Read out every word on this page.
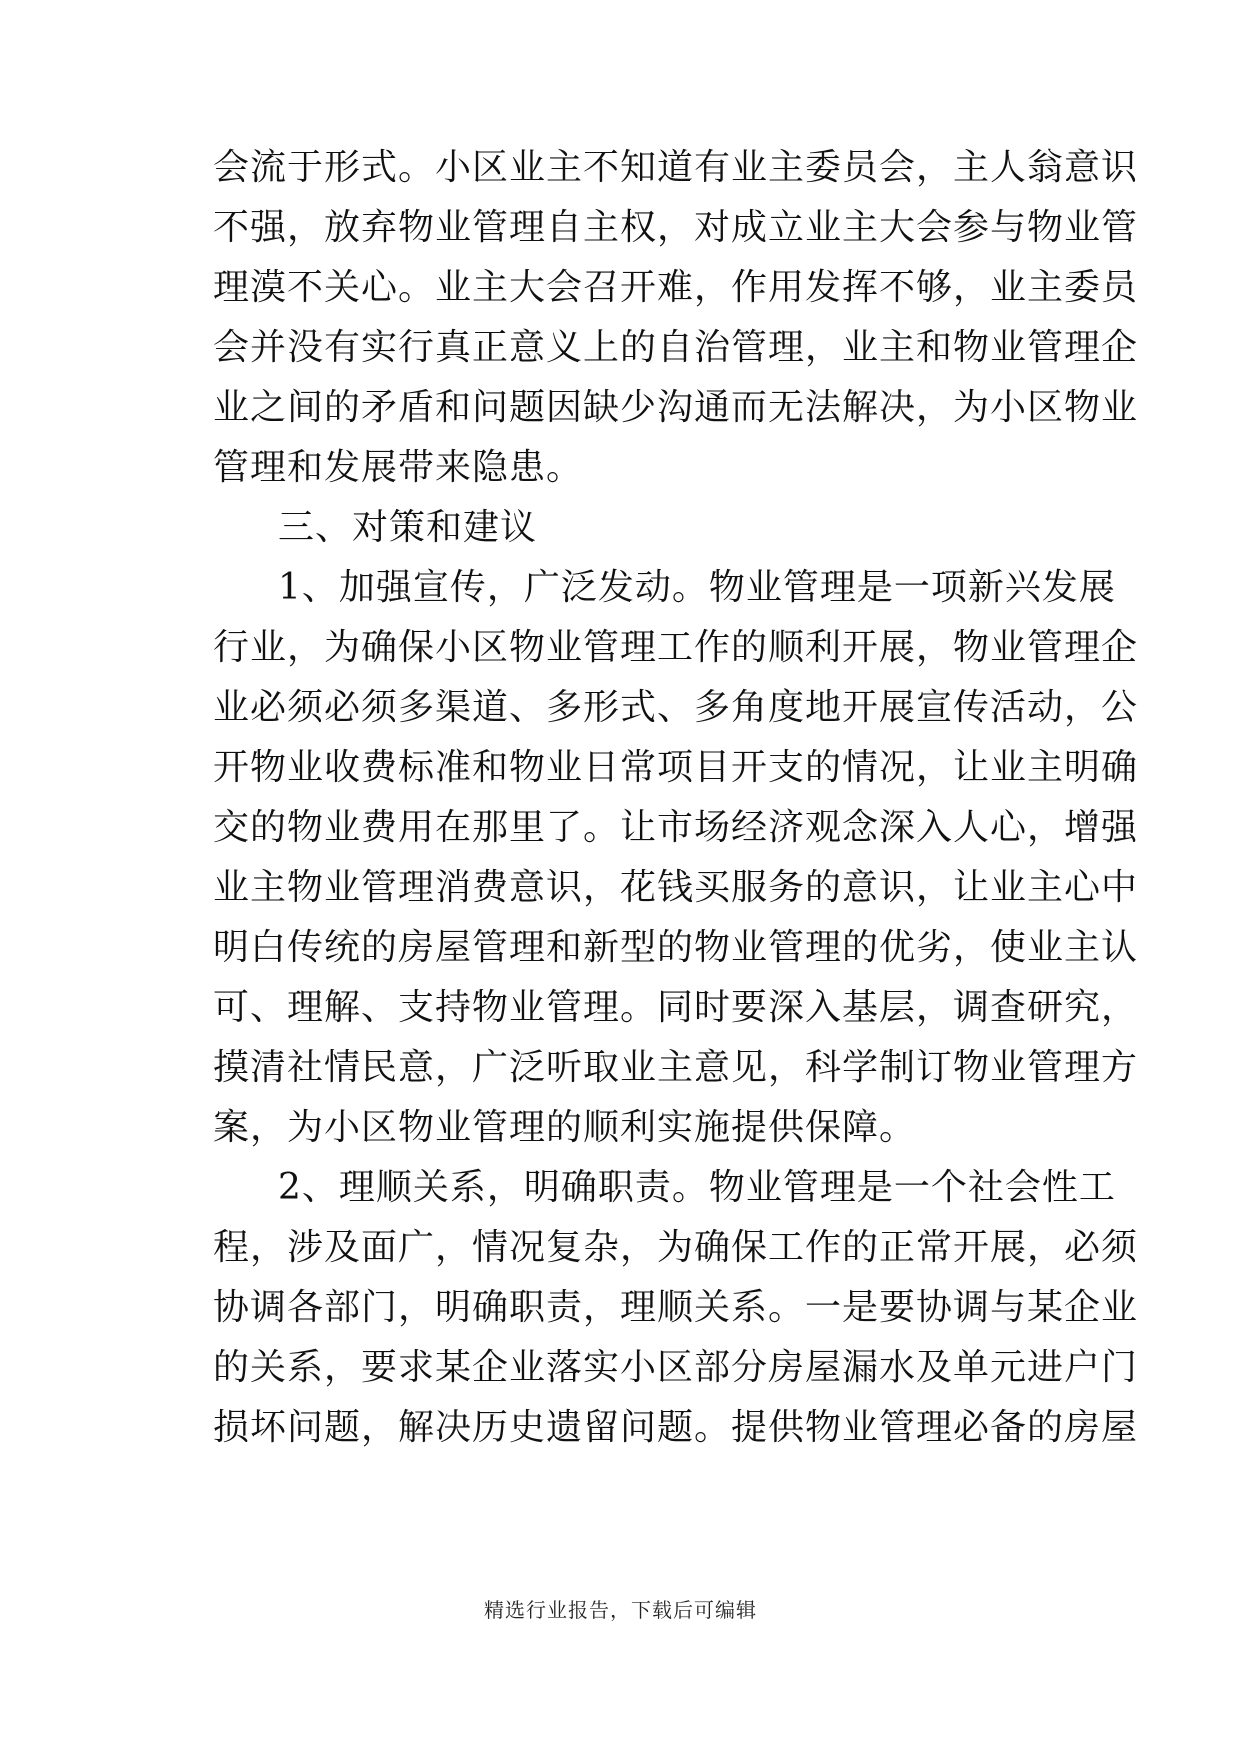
会流于形式。小区业主不知道有业主委员会，主人翁意识
不强，放弃物业管理自主权，对成立业主大会参与物业管
理漠不关心。业主大会召开难，作用发挥不够，业主委员
会并没有实行真正意义上的自治管理，业主和物业管理企
业之间的矛盾和问题因缺少沟通而无法解决，为小区物业
管理和发展带来隐患。
三、对策和建议
1、加强宣传，广泛发动。物业管理是一项新兴发展
行业，为确保小区物业管理工作的顺利开展，物业管理企
业必须必须多渠道、多形式、多角度地开展宣传活动，公
开物业收费标准和物业日常项目开支的情况，让业主明确
交的物业费用在那里了。让市场经济观念深入人心，增强
业主物业管理消费意识，花钱买服务的意识，让业主心中
明白传统的房屋管理和新型的物业管理的优劣，使业主认
可、理解、支持物业管理。同时要深入基层，调查研究，
摸清社情民意，广泛听取业主意见，科学制订物业管理方
案，为小区物业管理的顺利实施提供保障。
2、理顺关系，明确职责。物业管理是一个社会性工
程，涉及面广，情况复杂，为确保工作的正常开展，必须
协调各部门，明确职责，理顺关系。一是要协调与某企业
的关系，要求某企业落实小区部分房屋漏水及单元进户门
损坏问题，解决历史遗留问题。提供物业管理必备的房屋
精选行业报告，下载后可编辑
